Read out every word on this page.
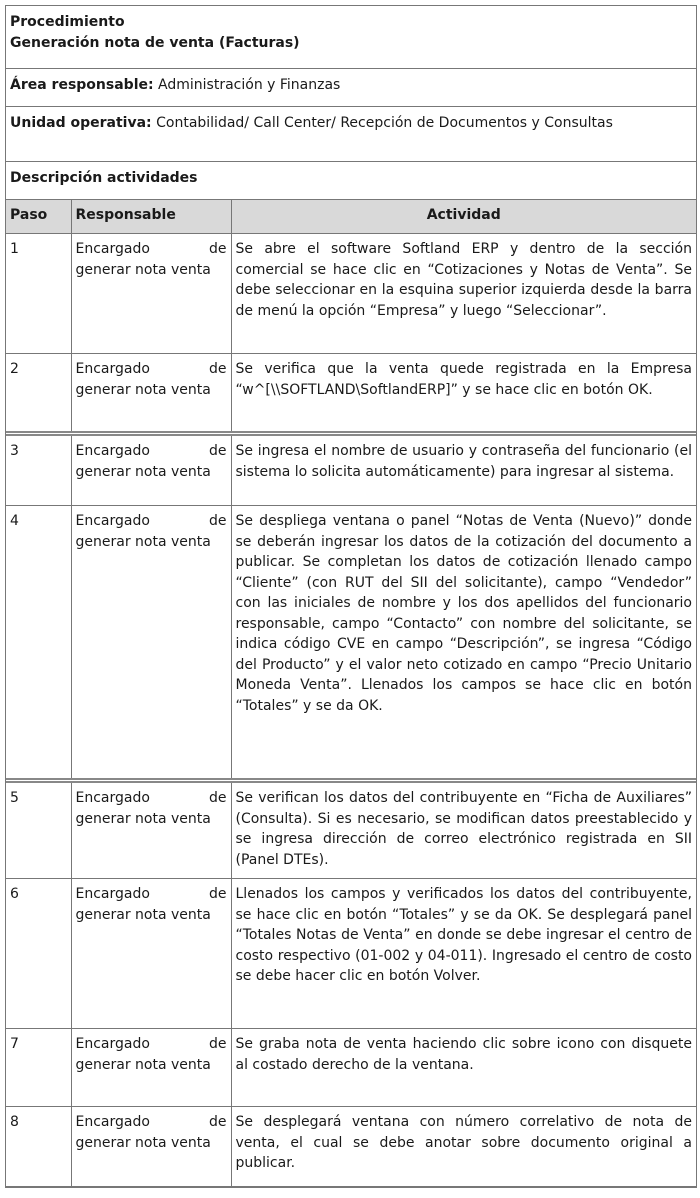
Procedimiento
Generación nota de venta (Facturas)
Área responsable: Administración y Finanzas
Unidad operativa: Contabilidad/ Call Center/ Recepción de Documentos y Consultas
Descripción actividades
Paso	Responsable	Actividad
1	Encargado de generar nota venta	Se abre el software Softland ERP y dentro de la sección comercial se hace clic en “Cotizaciones y Notas de Venta”. Se debe seleccionar en la esquina superior izquierda desde la barra de menú la opción “Empresa” y luego “Seleccionar”.
2	Encargado de generar nota venta	Se verifica que la venta quede registrada en la Empresa “w^[\\SOFTLAND\SoftlandERP]” y se hace clic en botón OK.
3	Encargado de generar nota venta	Se ingresa el nombre de usuario y contraseña del funcionario (el sistema lo solicita automáticamente) para ingresar al sistema.
4	Encargado de generar nota venta	Se despliega ventana o panel “Notas de Venta (Nuevo)” donde se deberán ingresar los datos de la cotización del documento a publicar. Se completan los datos de cotización llenado campo “Cliente” (con RUT del SII del solicitante), campo “Vendedor” con las iniciales de nombre y los dos apellidos del funcionario responsable, campo “Contacto” con nombre del solicitante, se indica código CVE en campo “Descripción”, se ingresa “Código del Producto” y el valor neto cotizado en campo “Precio Unitario Moneda Venta”. Llenados los campos se hace clic en botón “Totales” y se da OK.
5	Encargado de generar nota venta	Se verifican los datos del contribuyente en “Ficha de Auxiliares” (Consulta). Si es necesario, se modifican datos preestablecido y se ingresa dirección de correo electrónico registrada en SII (Panel DTEs).
6	Encargado de generar nota venta	Llenados los campos y verificados los datos del contribuyente, se hace clic en botón “Totales” y se da OK. Se desplegará panel “Totales Notas de Venta” en donde se debe ingresar el centro de costo respectivo (01-002 y 04-011). Ingresado el centro de costo se debe hacer clic en botón Volver.
7	Encargado de generar nota venta	Se graba nota de venta haciendo clic sobre icono con disquete al costado derecho de la ventana.
8	Encargado de generar nota venta	Se desplegará ventana con número correlativo de nota de venta, el cual se debe anotar sobre documento original a publicar.
